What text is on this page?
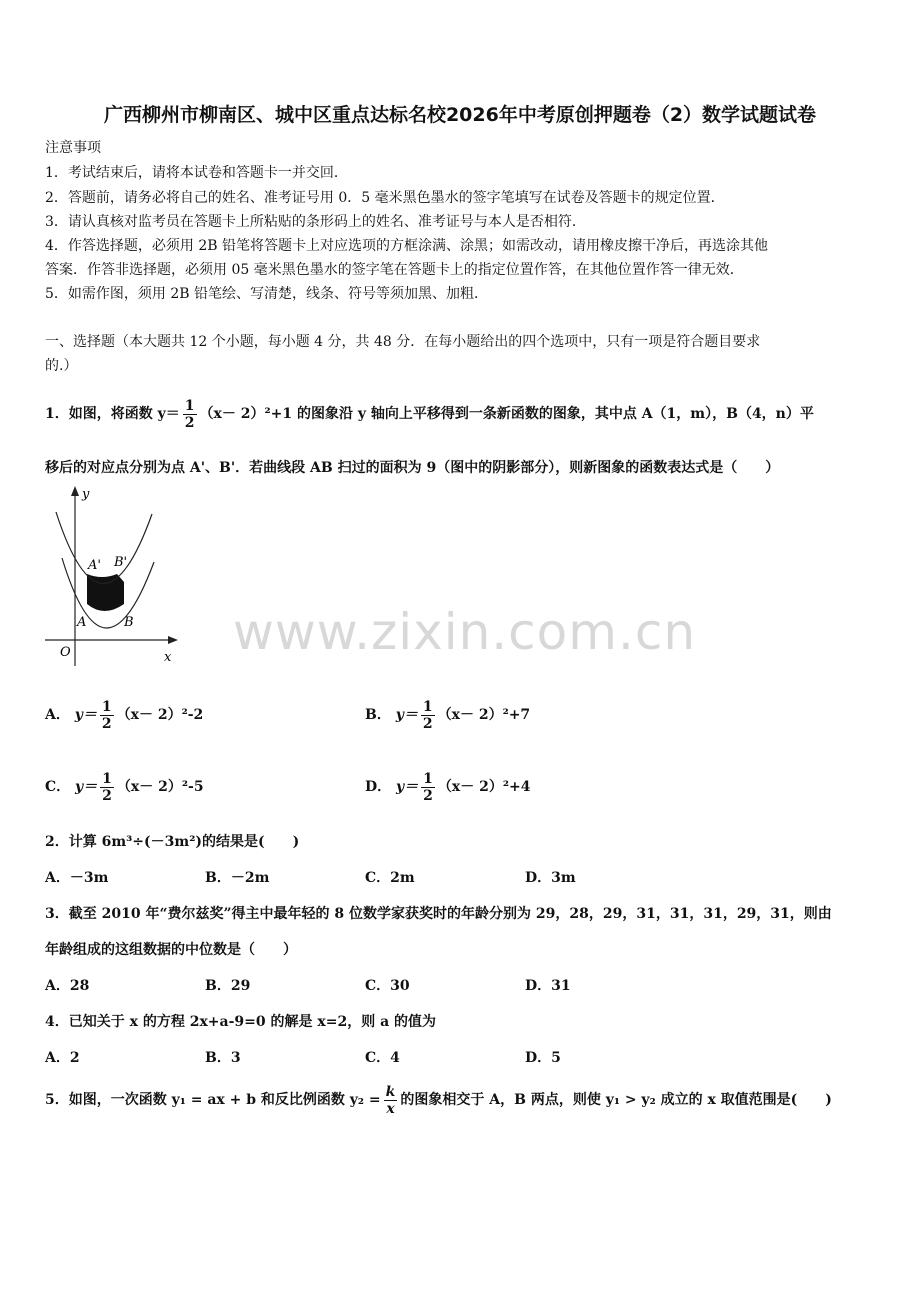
广西柳州市柳南区、城中区重点达标名校2026年中考原创押题卷（2）数学试题试卷
注意事项
1．考试结束后，请将本试卷和答题卡一并交回．
2．答题前，请务必将自己的姓名、准考证号用 0．5 毫米黑色墨水的签字笔填写在试卷及答题卡的规定位置．
3．请认真核对监考员在答题卡上所粘贴的条形码上的姓名、准考证号与本人是否相符．
4．作答选择题，必须用 2B 铅笔将答题卡上对应选项的方框涂满、涂黑；如需改动，请用橡皮擦干净后，再选涂其他
答案．作答非选择题，必须用 05 毫米黑色墨水的签字笔在答题卡上的指定位置作答，在其他位置作答一律无效．
5．如需作图，须用 2B 铅笔绘、写清楚，线条、符号等须加黑、加粗．
一、选择题（本大题共 12 个小题，每小题 4 分，共 48 分．在每小题给出的四个选项中，只有一项是符合题目要求
的.）
1．如图，将函数 $y= \frac{1}{2} (x- 2)^2+1$ 的图象沿 y 轴向上平移得到一条新函数的图象，其中点 A（1，m），B（4，n）平
移后的对应点分别为点 A'、B'．若曲线段 AB 扫过的面积为 9（图中的阴影部分），则新图象的函数表达式是（　　）
y
x
O
A	B
A' B'
www.zixin.com.cn
A． $y= \frac{1}{2} (x- 2)^2-2$	B． $y= \frac{1}{2} (x- 2)^2+7$
C． $y= \frac{1}{2} (x- 2)^2-5$	D． $y= \frac{1}{2} (x- 2)^2+4$
2．计算 6m³÷(－3m²)的结果是(　　)
A．－3m	B．－2m	C．2m	D．3m
3．截至 2010 年“费尔兹奖”得主中最年轻的 8 位数学家获奖时的年龄分别为 29，28，29，31，31，31，29，31，则由
年龄组成的这组数据的中位数是（　　）
A．28	B．29	C．30	D．31
4．已知关于 x 的方程 2x+a-9=0 的解是 x=2，则 a 的值为
A．2	B．3	C．4	D．5
5．如图，一次函数 y₁ = ax + b 和反比例函数 $y_2 = \frac{k}{x}$ 的图象相交于 A，B 两点，则使 y₁ > y₂ 成立的 x 取值范围是(　　)
